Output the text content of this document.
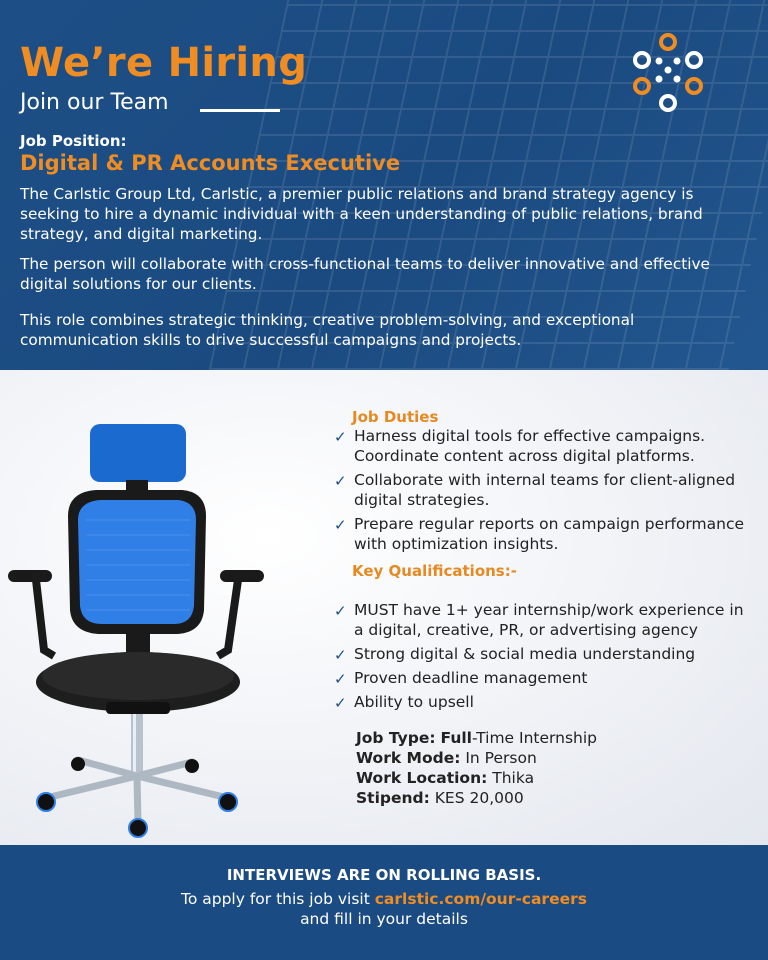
We’re Hiring
Join our Team
Job Position:
Digital & PR Accounts Executive

The Carlstic Group Ltd, Carlstic, a premier public relations and brand strategy agency is seeking to hire a dynamic individual with a keen understanding of public relations, brand strategy, and digital marketing.

The person will collaborate with cross-functional teams to deliver innovative and effective digital solutions for our clients.

This role combines strategic thinking, creative problem-solving, and exceptional communication skills to drive successful campaigns and projects.

Job Duties
✓ Harness digital tools for effective campaigns.
Coordinate content across digital platforms.
✓ Collaborate with internal teams for client-aligned digital strategies.
✓ Prepare regular reports on campaign performance with optimization insights.
Key Qualifications:-
✓ MUST have 1+ year internship/work experience in a digital, creative, PR, or advertising agency
✓ Strong digital & social media understanding
✓ Proven deadline management
✓ Ability to upsell
Job Type: Full-Time Internship
Work Mode: In Person
Work Location: Thika
Stipend: KES 20,000
INTERVIEWS ARE ON ROLLING BASIS.
To apply for this job visit carlstic.com/our-careers
and fill in your details
